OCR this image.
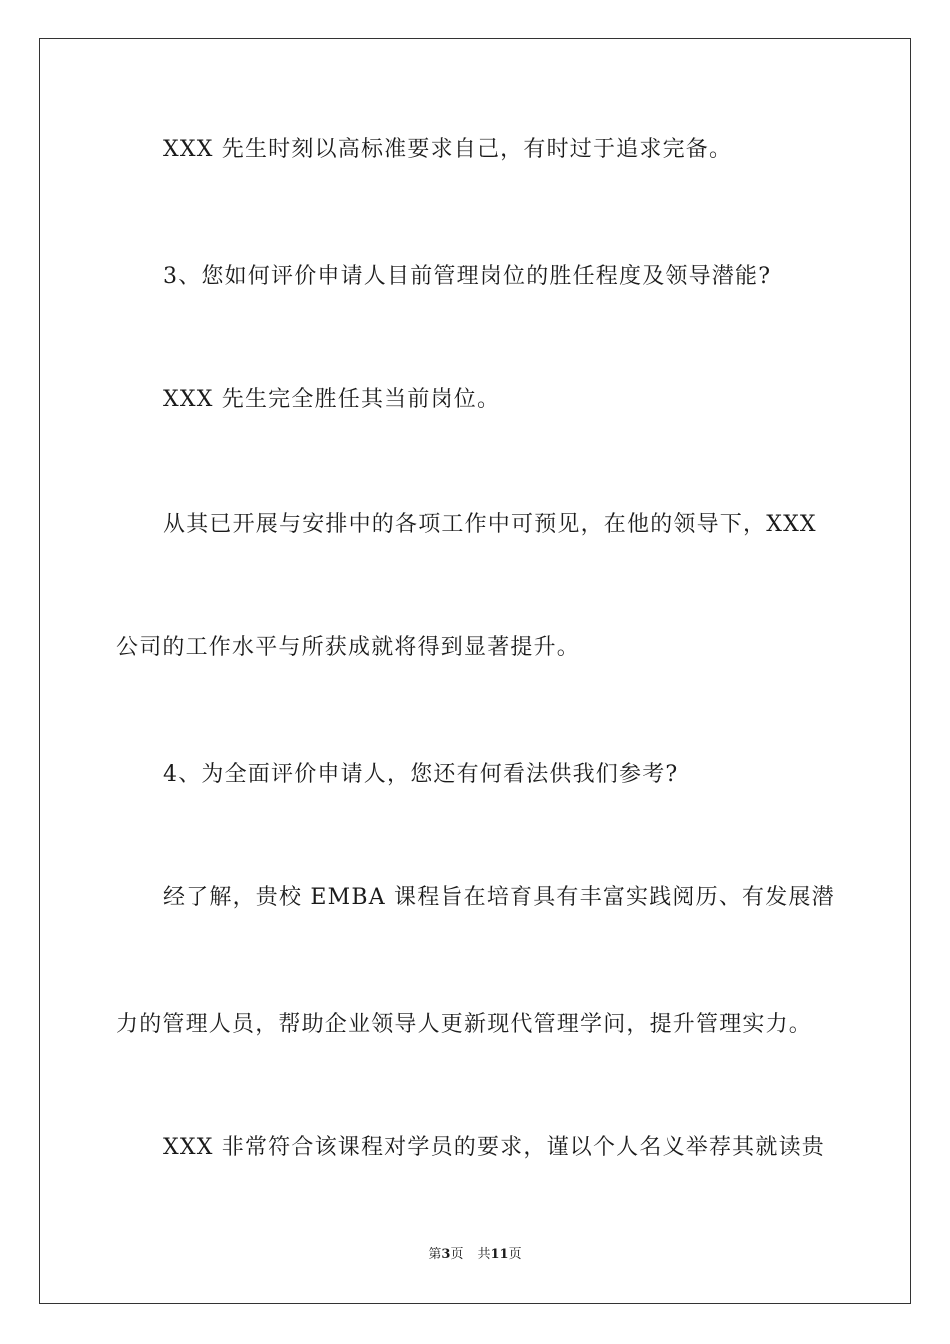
XXX 先生时刻以高标准要求自己，有时过于追求完备。
3、您如何评价申请人目前管理岗位的胜任程度及领导潜能?
XXX 先生完全胜任其当前岗位。
从其已开展与安排中的各项工作中可预见，在他的领导下，XXX
公司的工作水平与所获成就将得到显著提升。
4、为全面评价申请人，您还有何看法供我们参考?
经了解，贵校 EMBA 课程旨在培育具有丰富实践阅历、有发展潜
力的管理人员，帮助企业领导人更新现代管理学问，提升管理实力。
XXX 非常符合该课程对学员的要求，谨以个人名义举荐其就读贵
第3页 共11页
